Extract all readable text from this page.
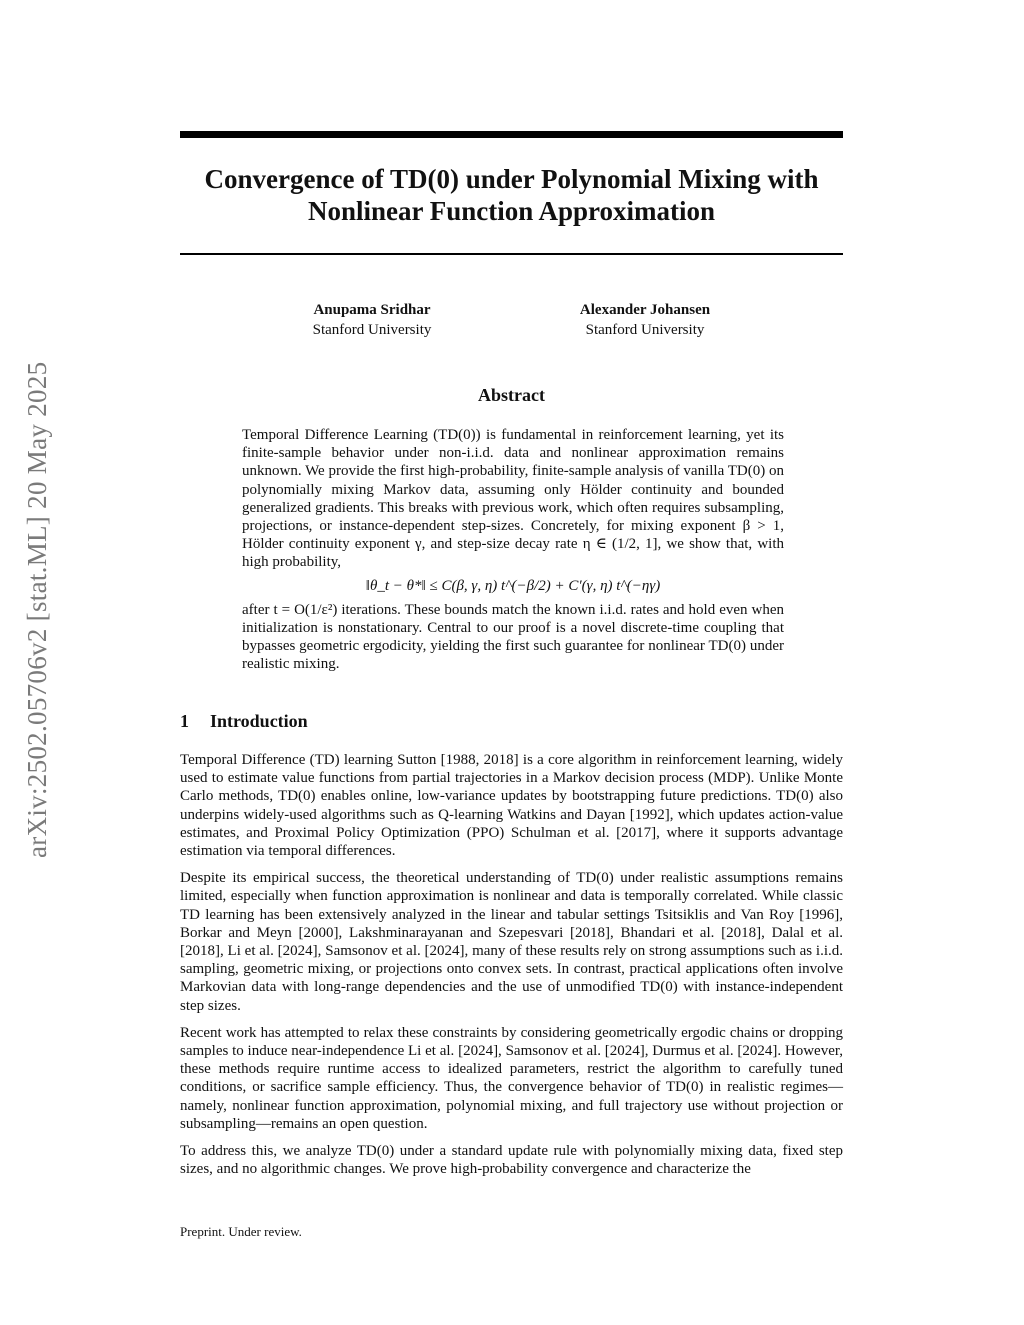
arXiv:2502.05706v2 [stat.ML] 20 May 2025
Convergence of TD(0) under Polynomial Mixing with Nonlinear Function Approximation
Anupama Sridhar
Stanford University
Alexander Johansen
Stanford University
Abstract

Temporal Difference Learning (TD(0)) is fundamental in reinforcement learning, yet its finite-sample behavior under non-i.i.d. data and nonlinear approximation remains unknown. We provide the first high-probability, finite-sample analysis of vanilla TD(0) on polynomially mixing Markov data, assuming only Hölder continuity and bounded generalized gradients. This breaks with previous work, which often requires subsampling, projections, or instance-dependent step-sizes. Concretely, for mixing exponent β > 1, Hölder continuity exponent γ, and step-size decay rate η ∈ (1/2, 1], we show that, with high probability,

‖θ_t − θ*‖ ≤ C(β, γ, η) t^(−β/2) + C′(γ, η) t^(−ηγ)

after t = O(1/ε²) iterations. These bounds match the known i.i.d. rates and hold even when initialization is nonstationary. Central to our proof is a novel discrete-time coupling that bypasses geometric ergodicity, yielding the first such guarantee for nonlinear TD(0) under realistic mixing.

1 Introduction

Temporal Difference (TD) learning Sutton [1988, 2018] is a core algorithm in reinforcement learning, widely used to estimate value functions from partial trajectories in a Markov decision process (MDP). Unlike Monte Carlo methods, TD(0) enables online, low-variance updates by bootstrapping future predictions. TD(0) also underpins widely-used algorithms such as Q-learning Watkins and Dayan [1992], which updates action-value estimates, and Proximal Policy Optimization (PPO) Schulman et al. [2017], where it supports advantage estimation via temporal differences.

Despite its empirical success, the theoretical understanding of TD(0) under realistic assumptions remains limited, especially when function approximation is nonlinear and data is temporally correlated. While classic TD learning has been extensively analyzed in the linear and tabular settings Tsitsiklis and Van Roy [1996], Borkar and Meyn [2000], Lakshminarayanan and Szepesvari [2018], Bhandari et al. [2018], Dalal et al. [2018], Li et al. [2024], Samsonov et al. [2024], many of these results rely on strong assumptions such as i.i.d. sampling, geometric mixing, or projections onto convex sets. In contrast, practical applications often involve Markovian data with long-range dependencies and the use of unmodified TD(0) with instance-independent step sizes.

Recent work has attempted to relax these constraints by considering geometrically ergodic chains or dropping samples to induce near-independence Li et al. [2024], Samsonov et al. [2024], Durmus et al. [2024]. However, these methods require runtime access to idealized parameters, restrict the algorithm to carefully tuned conditions, or sacrifice sample efficiency. Thus, the convergence behavior of TD(0) in realistic regimes—namely, nonlinear function approximation, polynomial mixing, and full trajectory use without projection or subsampling—remains an open question.

To address this, we analyze TD(0) under a standard update rule with polynomially mixing data, fixed step sizes, and no algorithmic changes. We prove high-probability convergence and characterize the

Preprint. Under review.
